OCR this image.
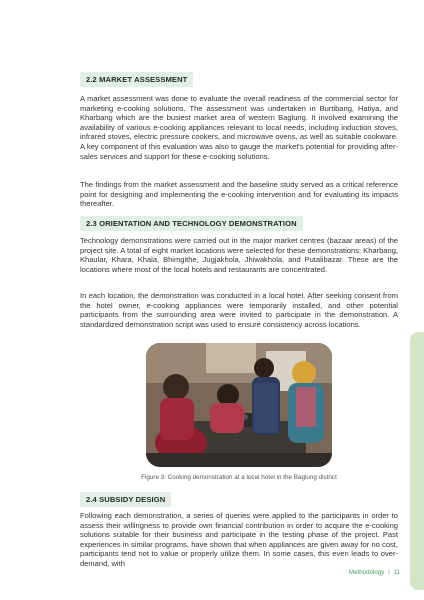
2.2 MARKET ASSESSMENT

A market assessment was done to evaluate the overall readiness of the commercial sector for marketing e-cooking solutions. The assessment was undertaken in Burtibang, Hatiya, and Kharbang which are the busiest market area of western Baglung. It involved examining the availability of various e-cooking appliances relevant to local needs, including induction stoves, infrared stoves, electric pressure cookers, and microwave ovens, as well as suitable cookware. A key component of this evaluation was also to gauge the market's potential for providing after-sales services and support for these e-cooking solutions.

The findings from the market assessment and the baseline study served as a critical reference point for designing and implementing the e-cooking intervention and for evaluating its impacts thereafter.

2.3 ORIENTATION AND TECHNOLOGY DEMONSTRATION

Technology demonstrations were carried out in the major market centres (bazaar areas) of the project site. A total of eight market locations were selected for these demonstrations: Kharbang, Khaular, Khara, Khala, Bhimgithe, Jugjakhola, Jhiwakhola, and Putalibazar. These are the locations where most of the local hotels and restaurants are concentrated.

In each location, the demonstration was conducted in a local hotel. After seeking consent from the hotel owner, e-cooking appliances were temporarily installed, and other potential participants from the surrounding area were invited to participate in the demonstration. A standardized demonstration script was used to ensure consistency across locations.

Figure 3: Cooking demonstration at a local hotel in the Baglung district

2.4 SUBSIDY DESIGN

Following each demonstration, a series of queries were applied to the participants in order to assess their willingness to provide own financial contribution in order to acquire the e-cooking solutions suitable for their business and participate in the testing phase of the project. Past experiences in similar programs, have shown that when appliances are given away for no cost, participants tend not to value or properly utilize them. In some cases, this even leads to over-demand, with

Methodology I 11
